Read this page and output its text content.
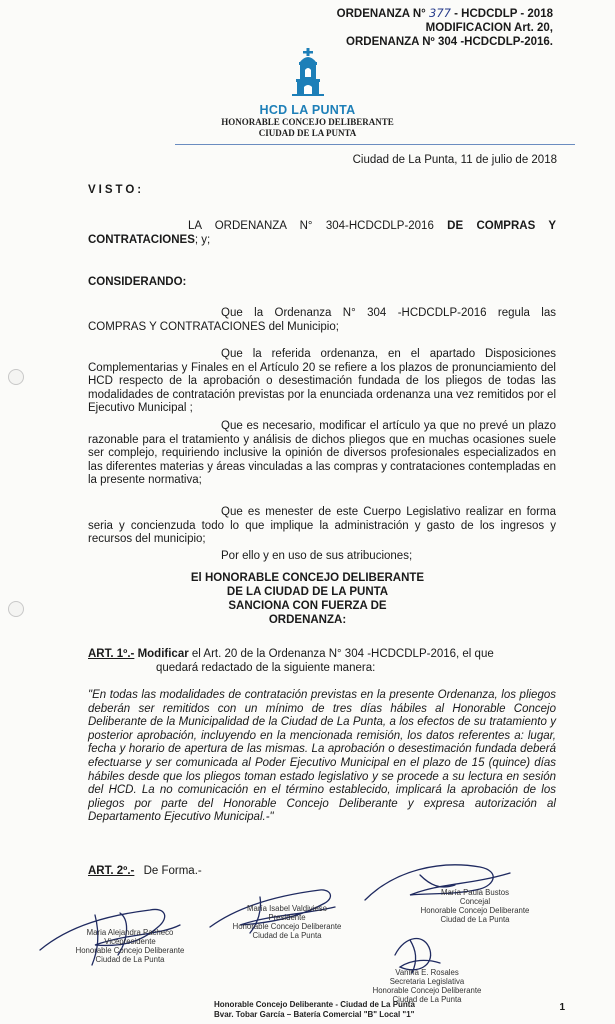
ORDENANZA N° 377 - HCDCDLP - 2018
MODIFICACION Art. 20,
ORDENANZA Nº 304 -HCDCDLP-2016.
HCD LA PUNTA
HONORABLE CONCEJO DELIBERANTE
CIUDAD DE LA PUNTA
Ciudad de La Punta, 11 de julio de 2018
VISTO:
LA ORDENANZA N° 304-HCDCDLP-2016 DE COMPRAS Y CONTRATACIONES; y;
CONSIDERANDO:
Que la Ordenanza N° 304 -HCDCDLP-2016 regula las COMPRAS Y CONTRATACIONES del Municipio;
Que la referida ordenanza, en el apartado Disposiciones Complementarias y Finales en el Artículo 20 se refiere a los plazos de pronunciamiento del HCD respecto de la aprobación o desestimación fundada de los pliegos de todas las modalidades de contratación previstas por la enunciada ordenanza una vez remitidos por el Ejecutivo Municipal ;
Que es necesario, modificar el artículo ya que no prevé un plazo razonable para el tratamiento y análisis de dichos pliegos que en muchas ocasiones suele ser complejo, requiriendo inclusive la opinión de diversos profesionales especializados en las diferentes materias y áreas vinculadas a las compras y contrataciones contempladas en la presente normativa;
Que es menester de este Cuerpo Legislativo realizar en forma seria y concienzuda todo lo que implique la administración y gasto de los ingresos y recursos del municipio;
Por ello y en uso de sus atribuciones;
El HONORABLE CONCEJO DELIBERANTE
DE LA CIUDAD DE LA PUNTA
SANCIONA CON FUERZA DE
ORDENANZA:
ART. 1º.- Modificar el Art. 20 de la Ordenanza N° 304 -HCDCDLP-2016, el que
quedará redactado de la siguiente manera:
"En todas las modalidades de contratación previstas en la presente Ordenanza, los pliegos deberán ser remitidos con un mínimo de tres días hábiles al Honorable Concejo Deliberante de la Municipalidad de la Ciudad de La Punta, a los efectos de su tratamiento y posterior aprobación, incluyendo en la mencionada remisión, los datos referentes a: lugar, fecha y horario de apertura de las mismas. La aprobación o desestimación fundada deberá efectuarse y ser comunicada al Poder Ejecutivo Municipal en el plazo de 15 (quince) días hábiles desde que los pliegos toman estado legislativo y se procede a su lectura en sesión del HCD. La no comunicación en el término establecido, implicará la aprobación de los pliegos por parte del Honorable Concejo Deliberante y expresa autorización al Departamento Ejecutivo Municipal.-"
ART. 2º.- De Forma.-
Maria Alejandra Pacheco
Vicepresidente
Honorable Concejo Deliberante
Ciudad de La Punta
María Isabel Valdivieso
Presidente
Honorable Concejo Deliberante
Ciudad de La Punta
María Paula Bustos
Concejal
Honorable Concejo Deliberante
Ciudad de La Punta
Vanina E. Rosales
Secretaria Legislativa
Honorable Concejo Deliberante
Ciudad de La Punta
Honorable Concejo Deliberante - Ciudad de La Punta
Bvar. Tobar García – Batería Comercial "B" Local "1"
1
